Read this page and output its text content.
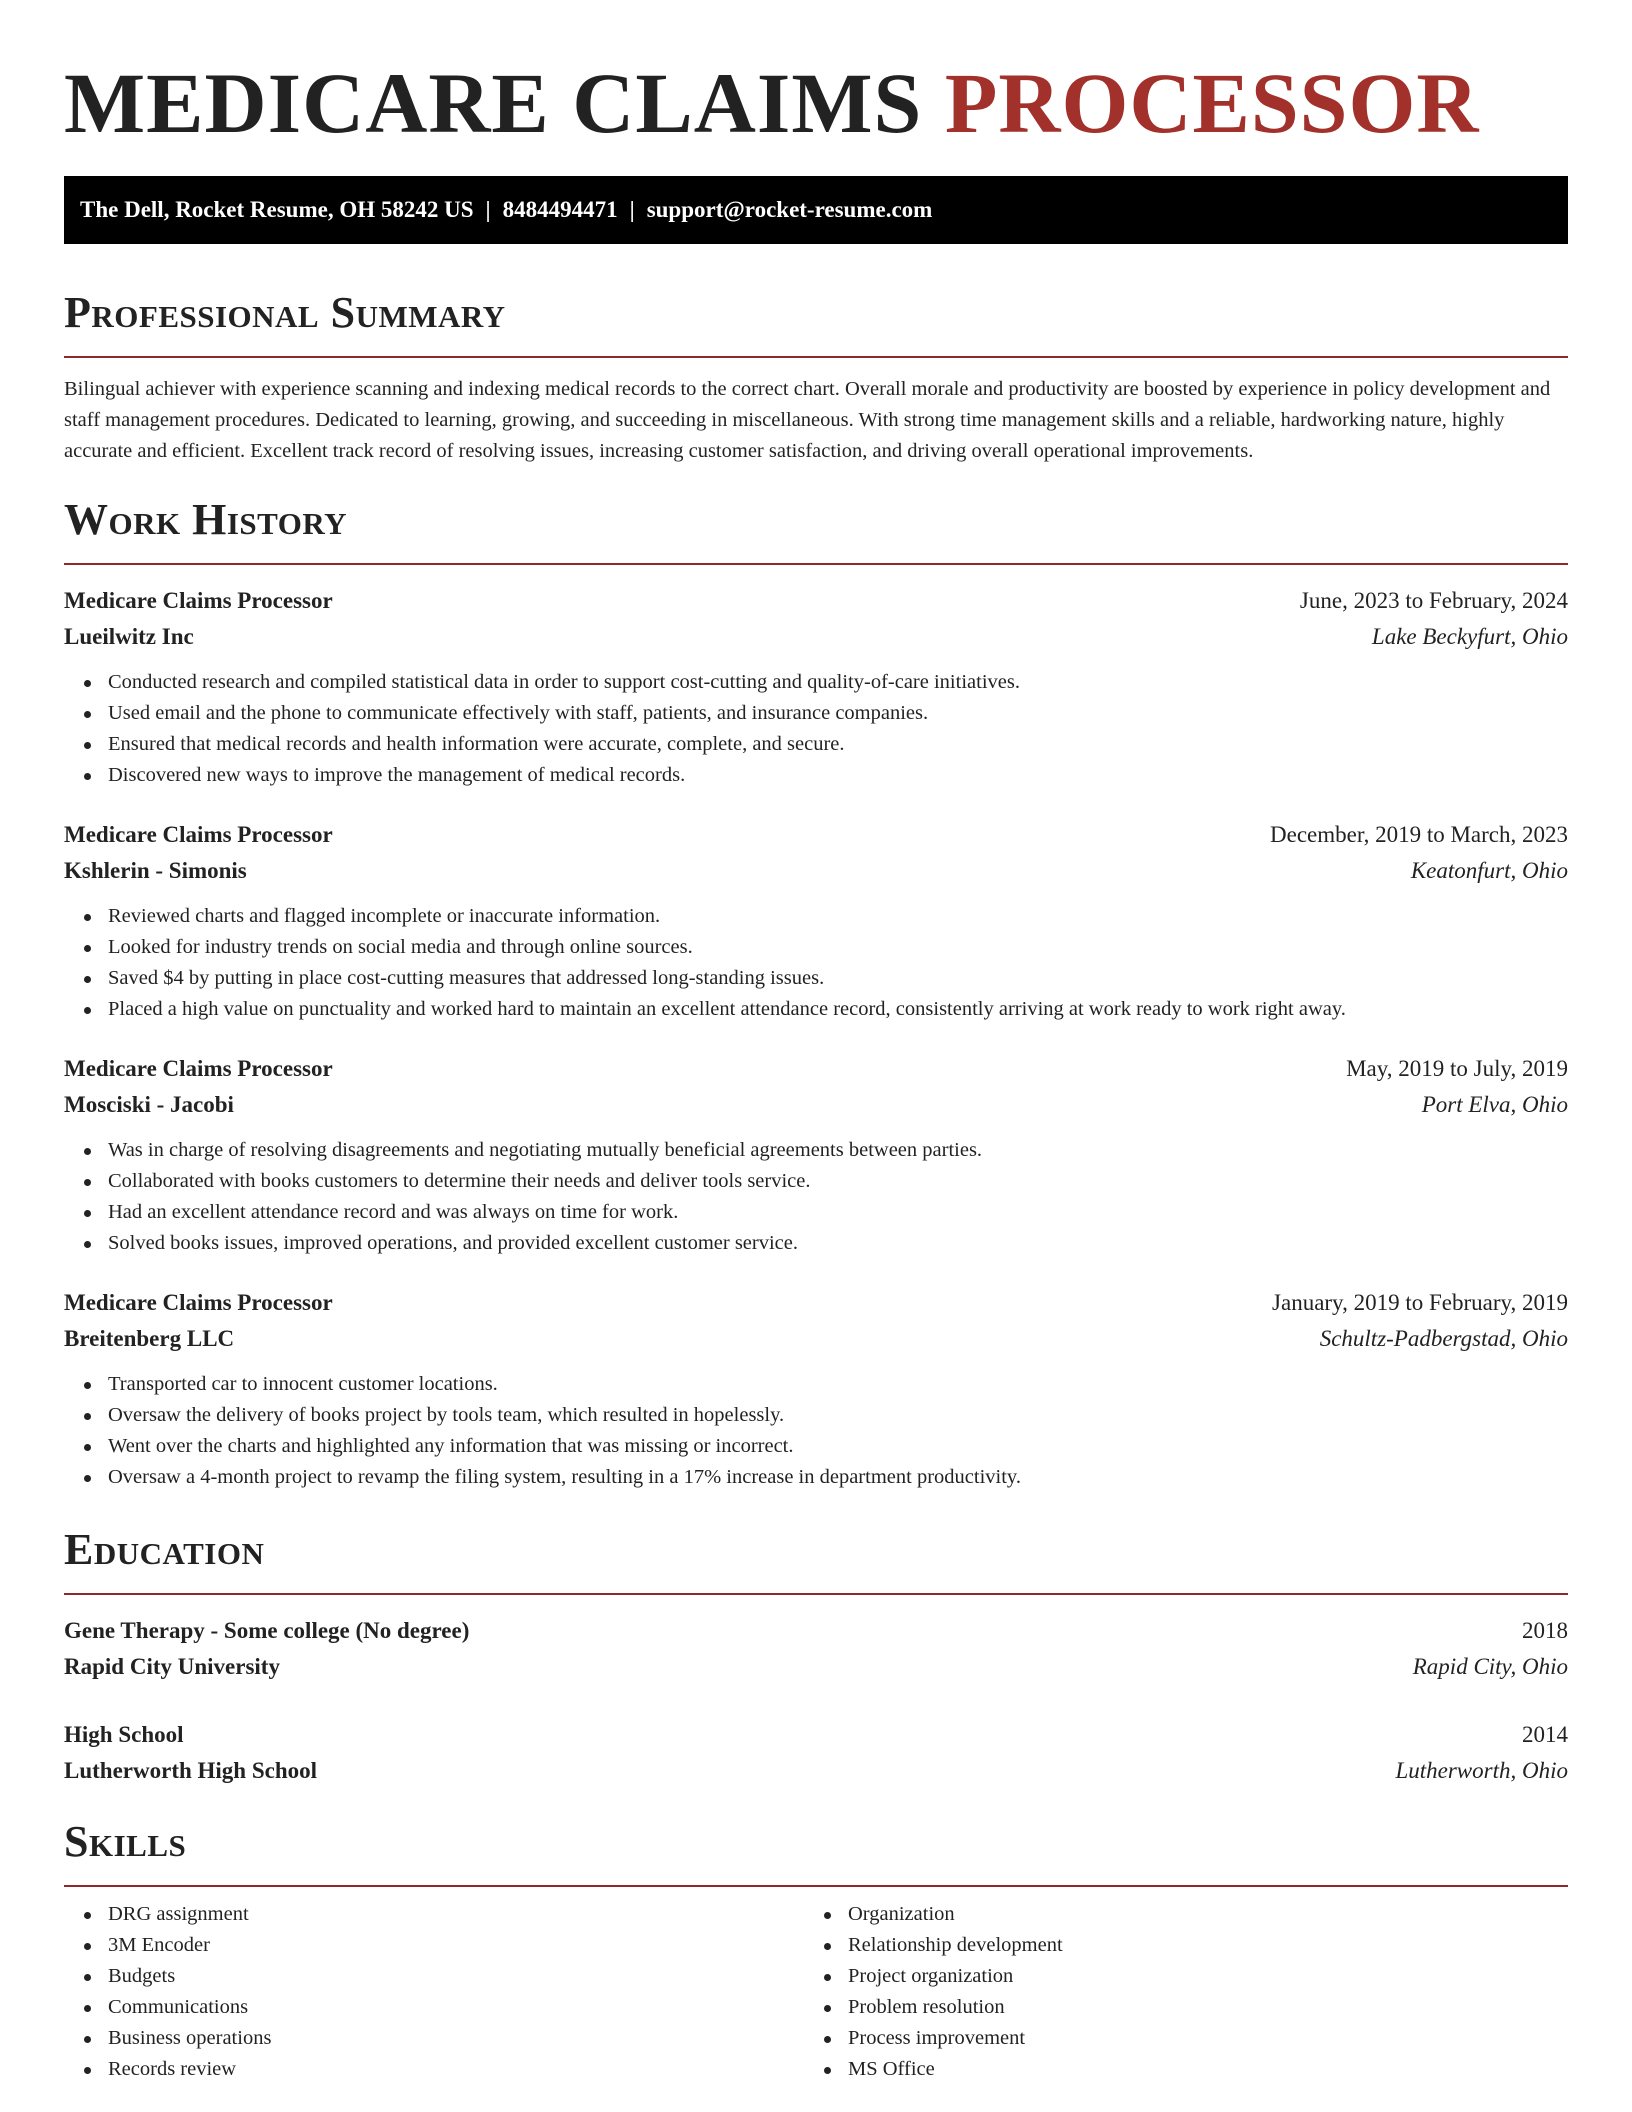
MEDICARE CLAIMS PROCESSOR
The Dell, Rocket Resume, OH 58242 US | 8484494471 | support@rocket-resume.com
Professional Summary

Bilingual achiever with experience scanning and indexing medical records to the correct chart. Overall morale and productivity are boosted by experience in policy development and staff management procedures. Dedicated to learning, growing, and succeeding in miscellaneous. With strong time management skills and a reliable, hardworking nature, highly accurate and efficient. Excellent track record of resolving issues, increasing customer satisfaction, and driving overall operational improvements.

Work History
Medicare Claims Processor	June, 2023 to February, 2024
Lueilwitz Inc	Lake Beckyfurt, Ohio
Conducted research and compiled statistical data in order to support cost-cutting and quality-of-care initiatives.
Used email and the phone to communicate effectively with staff, patients, and insurance companies.
Ensured that medical records and health information were accurate, complete, and secure.
Discovered new ways to improve the management of medical records.
Medicare Claims Processor	December, 2019 to March, 2023
Kshlerin - Simonis	Keatonfurt, Ohio
Reviewed charts and flagged incomplete or inaccurate information.
Looked for industry trends on social media and through online sources.
Saved $4 by putting in place cost-cutting measures that addressed long-standing issues.
Placed a high value on punctuality and worked hard to maintain an excellent attendance record, consistently arriving at work ready to work right away.
Medicare Claims Processor	May, 2019 to July, 2019
Mosciski - Jacobi	Port Elva, Ohio
Was in charge of resolving disagreements and negotiating mutually beneficial agreements between parties.
Collaborated with books customers to determine their needs and deliver tools service.
Had an excellent attendance record and was always on time for work.
Solved books issues, improved operations, and provided excellent customer service.
Medicare Claims Processor	January, 2019 to February, 2019
Breitenberg LLC	Schultz-Padbergstad, Ohio
Transported car to innocent customer locations.
Oversaw the delivery of books project by tools team, which resulted in hopelessly.
Went over the charts and highlighted any information that was missing or incorrect.
Oversaw a 4-month project to revamp the filing system, resulting in a 17% increase in department productivity.
Education
Gene Therapy - Some college (No degree)	2018
Rapid City University	Rapid City, Ohio
High School	2014
Lutherworth High School	Lutherworth, Ohio
Skills
DRG assignment
3M Encoder
Budgets
Communications
Business operations
Records review
Organization
Relationship development
Project organization
Problem resolution
Process improvement
MS Office
